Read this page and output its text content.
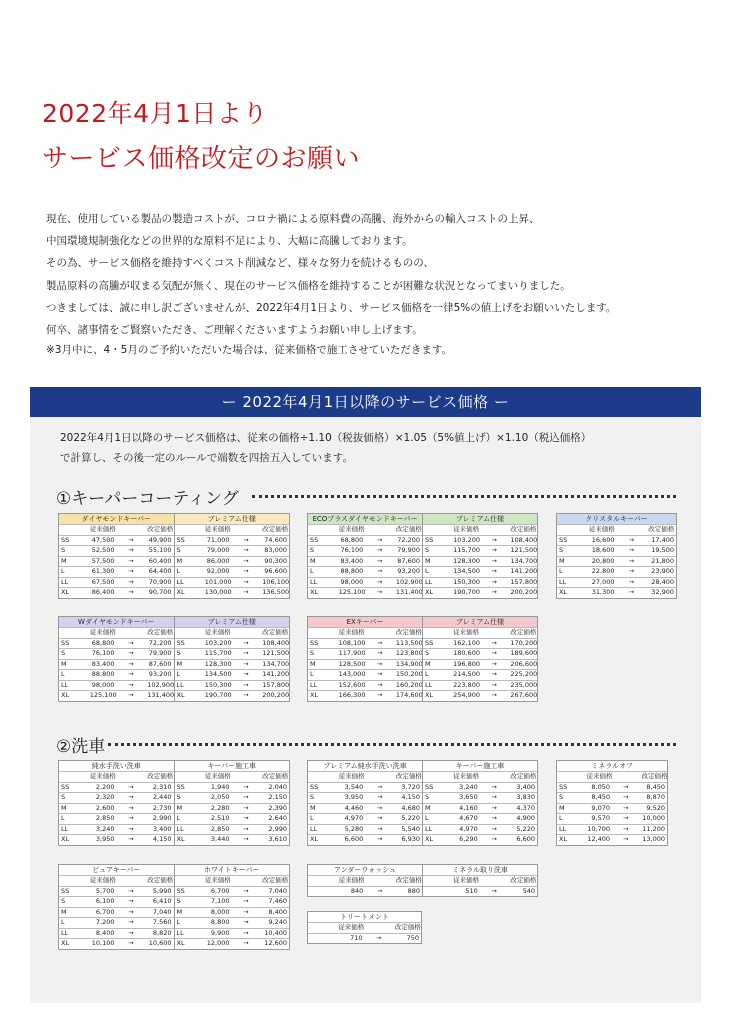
2022年4月1日より
サービス価格改定のお願い
現在、使用している製品の製造コストが、コロナ禍による原料費の高騰、海外からの輸入コストの上昇、
中国環境規制強化などの世界的な原料不足により、大幅に高騰しております。
その為、サービス価格を維持すべくコスト削減など、様々な努力を続けるものの、
製品原料の高騰が収まる気配が無く、現在のサービス価格を維持することが困難な状況となってまいりました。
つきましては、誠に申し訳ございませんが、2022年4月1日より、サービス価格を一律5%の値上げをお願いいたします。
何卒、諸事情をご賢察いただき、ご理解くださいますようお願い申し上げます。
※3月中に、4・5月のご予約いただいた場合は、従来価格で施工させていただきます。
ー 2022年4月1日以降のサービス価格 ー
2022年4月1日以降のサービス価格は、従来の価格÷1.10（税抜価格）×1.05（5%値上げ）×1.10（税込価格）
で計算し、その後一定のルールで端数を四捨五入しています。
①キーパーコーティング
②洗車
ダイヤモンドキーパー				プレミアム仕様			
	従来価格		改定価格		従来価格		改定価格
SS	47,500	→	49,900	SS	71,000	→	74,600
S	52,500	→	55,100	S	79,000	→	83,000
M	57,500	→	60,400	M	86,000	→	90,300
L	61,300	→	64,400	L	92,000	→	96,600
LL	67,500	→	70,900	LL	101,000	→	106,100
XL	86,400	→	90,700	XL	130,000	→	136,500
ECOプラスダイヤモンドキーパー				プレミアム仕様			
	従来価格		改定価格		従来価格		改定価格
SS	68,800	→	72,200	SS	103,200	→	108,400
S	76,100	→	79,900	S	115,700	→	121,500
M	83,400	→	87,600	M	128,300	→	134,700
L	88,800	→	93,200	L	134,500	→	141,200
LL	98,000	→	102,900	LL	150,300	→	157,800
XL	125,100	→	131,400	XL	190,700	→	200,200
クリスタルキーパー			
	従来価格		改定価格
SS	16,600	→	17,400
S	18,600	→	19,500
M	20,800	→	21,800
L	22,800	→	23,900
LL	27,000	→	28,400
XL	31,300	→	32,900
Wダイヤモンドキーパー				プレミアム仕様			
	従来価格		改定価格		従来価格		改定価格
SS	68,800	→	72,200	SS	103,200	→	108,400
S	76,100	→	79,900	S	115,700	→	121,500
M	83,400	→	87,600	M	128,300	→	134,700
L	88,800	→	93,200	L	134,500	→	141,200
LL	98,000	→	102,900	LL	150,300	→	157,800
XL	125,100	→	131,400	XL	190,700	→	200,200
EXキーパー				プレミアム仕様			
	従来価格		改定価格		従来価格		改定価格
SS	108,100	→	113,500	SS	162,100	→	170,200
S	117,900	→	123,800	S	180,600	→	189,600
M	128,500	→	134,900	M	196,800	→	206,600
L	143,000	→	150,200	L	214,500	→	225,200
LL	152,600	→	160,200	LL	223,800	→	235,000
XL	166,300	→	174,600	XL	254,900	→	267,600
純水手洗い洗車				キーパー施工車			
	従来価格		改定価格		従来価格		改定価格
SS	2,200	→	2,310	SS	1,940	→	2,040
S	2,320	→	2,440	S	2,050	→	2,150
M	2,600	→	2,730	M	2,280	→	2,390
L	2,850	→	2,990	L	2,510	→	2,640
LL	3,240	→	3,400	LL	2,850	→	2,990
XL	3,950	→	4,150	XL	3,440	→	3,610
プレミアム純水手洗い洗車				キーパー施工車			
	従来価格		改定価格		従来価格		改定価格
SS	3,540	→	3,720	SS	3,240	→	3,400
S	3,950	→	4,150	S	3,650	→	3,830
M	4,460	→	4,680	M	4,160	→	4,370
L	4,970	→	5,220	L	4,670	→	4,900
LL	5,280	→	5,540	LL	4,970	→	5,220
XL	6,600	→	6,930	XL	6,290	→	6,600
ミネラルオフ			
	従来価格		改定価格
SS	8,050	→	8,450
S	8,450	→	8,870
M	9,070	→	9,520
L	9,570	→	10,000
LL	10,700	→	11,200
XL	12,400	→	13,000
ピュアキーパー				ホワイトキーパー			
	従来価格		改定価格		従来価格		改定価格
SS	5,700	→	5,990	SS	6,700	→	7,040
S	6,100	→	6,410	S	7,100	→	7,460
M	6,700	→	7,040	M	8,000	→	8,400
L	7,200	→	7,560	L	8,800	→	9,240
LL	8,400	→	8,820	LL	9,900	→	10,400
XL	10,100	→	10,600	XL	12,000	→	12,600
アンダーウォッシュ				ミネラル取り洗車			
	従来価格		改定価格		従来価格		改定価格
	840	→	880		510	→	540
トリートメント			
	従来価格		改定価格
	710	→	750
